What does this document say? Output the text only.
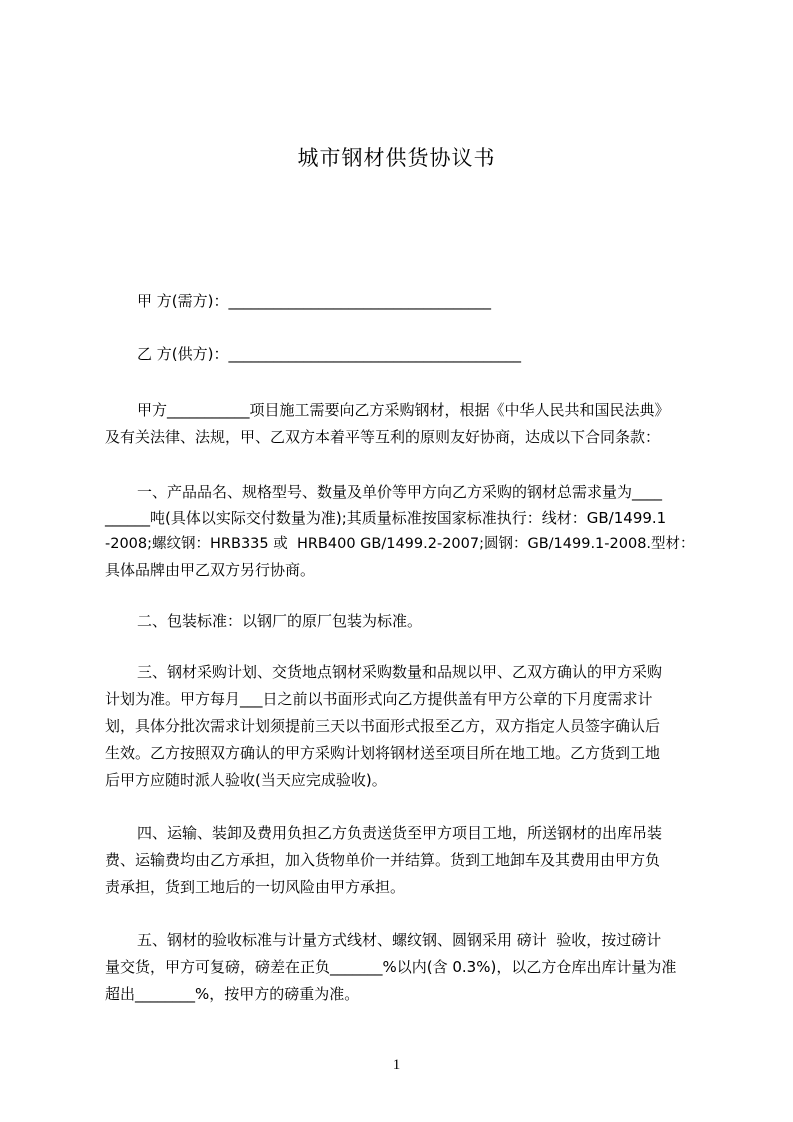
城市钢材供货协议书
甲 方(需方)：___________________________________
乙 方(供方)：_______________________________________
甲方___________项目施工需要向乙方采购钢材，根据《中华人民共和国民法典》
及有关法律、法规，甲、乙双方本着平等互利的原则友好协商，达成以下合同条款：
一、产品品名、规格型号、数量及单价等甲方向乙方采购的钢材总需求量为____
______吨(具体以实际交付数量为准);其质量标准按国家标准执行：线材：GB/1499.1
-2008;螺纹钢：HRB335 或  HRB400 GB/1499.2-2007;圆钢：GB/1499.1-2008.型材：
具体品牌由甲乙双方另行协商。
二、包装标准：以钢厂的原厂包装为标准。
三、钢材采购计划、交货地点钢材采购数量和品规以甲、乙双方确认的甲方采购
计划为准。甲方每月___日之前以书面形式向乙方提供盖有甲方公章的下月度需求计
划，具体分批次需求计划须提前三天以书面形式报至乙方，双方指定人员签字确认后
生效。乙方按照双方确认的甲方采购计划将钢材送至项目所在地工地。乙方货到工地
后甲方应随时派人验收(当天应完成验收)。
四、运输、装卸及费用负担乙方负责送货至甲方项目工地，所送钢材的出库吊装
费、运输费均由乙方承担，加入货物单价一并结算。货到工地卸车及其费用由甲方负
责承担，货到工地后的一切风险由甲方承担。
五、钢材的验收标准与计量方式线材、螺纹钢、圆钢采用 磅计  验收，按过磅计
量交货，甲方可复磅，磅差在正负_______%以内(含 0.3%)，以乙方仓库出库计量为准
超出________%，按甲方的磅重为准。
1
